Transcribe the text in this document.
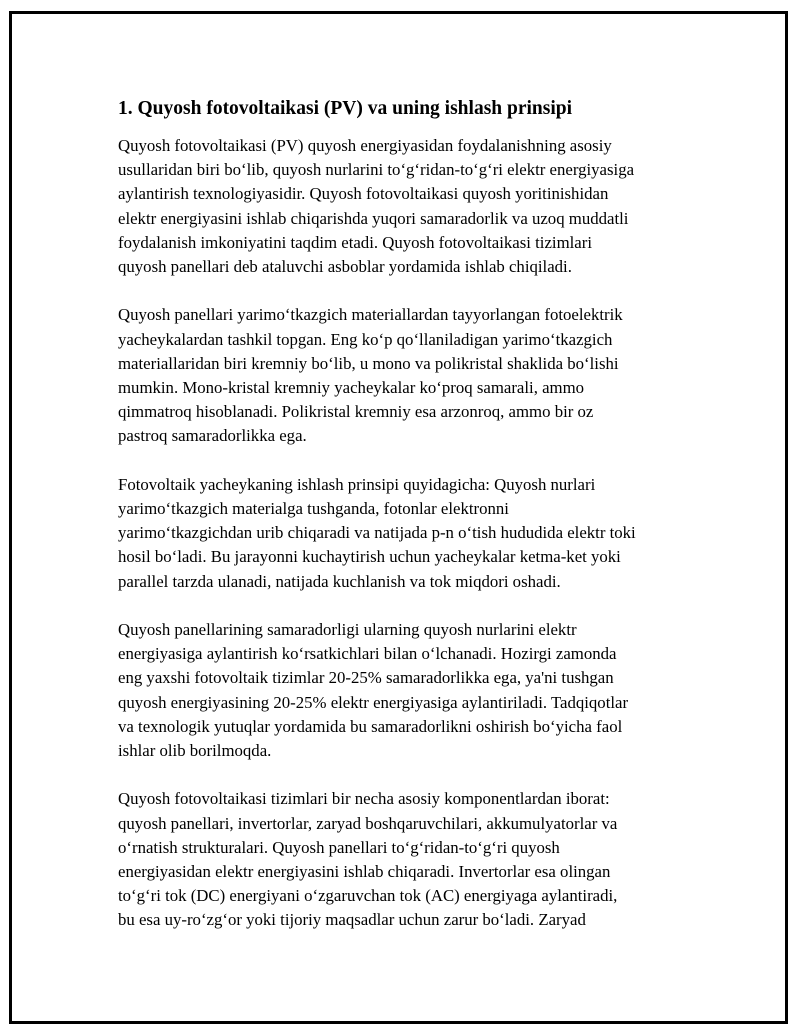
1. Quyosh fotovoltaikasi (PV) va uning ishlash prinsipi

Quyosh fotovoltaikasi (PV) quyosh energiyasidan foydalanishning asosiy
usullaridan biri bo‘lib, quyosh nurlarini to‘g‘ridan-to‘g‘ri elektr energiyasiga
aylantirish texnologiyasidir. Quyosh fotovoltaikasi quyosh yoritinishidan
elektr energiyasini ishlab chiqarishda yuqori samaradorlik va uzoq muddatli
foydalanish imkoniyatini taqdim etadi. Quyosh fotovoltaikasi tizimlari
quyosh panellari deb ataluvchi asboblar yordamida ishlab chiqiladi.

Quyosh panellari yarimo‘tkazgich materiallardan tayyorlangan fotoelektrik
yacheykalardan tashkil topgan. Eng ko‘p qo‘llaniladigan yarimo‘tkazgich
materiallaridan biri kremniy bo‘lib, u mono va polikristal shaklida bo‘lishi
mumkin. Mono-kristal kremniy yacheykalar ko‘proq samarali, ammo
qimmatroq hisoblanadi. Polikristal kremniy esa arzonroq, ammo bir oz
pastroq samaradorlikka ega.

Fotovoltaik yacheykaning ishlash prinsipi quyidagicha: Quyosh nurlari
yarimo‘tkazgich materialga tushganda, fotonlar elektronni
yarimo‘tkazgichdan urib chiqaradi va natijada p-n o‘tish hududida elektr toki
hosil bo‘ladi. Bu jarayonni kuchaytirish uchun yacheykalar ketma-ket yoki
parallel tarzda ulanadi, natijada kuchlanish va tok miqdori oshadi.

Quyosh panellarining samaradorligi ularning quyosh nurlarini elektr
energiyasiga aylantirish ko‘rsatkichlari bilan o‘lchanadi. Hozirgi zamonda
eng yaxshi fotovoltaik tizimlar 20-25% samaradorlikka ega, ya'ni tushgan
quyosh energiyasining 20-25% elektr energiyasiga aylantiriladi. Tadqiqotlar
va texnologik yutuqlar yordamida bu samaradorlikni oshirish bo‘yicha faol
ishlar olib borilmoqda.

Quyosh fotovoltaikasi tizimlari bir necha asosiy komponentlardan iborat:
quyosh panellari, invertorlar, zaryad boshqaruvchilari, akkumulyatorlar va
o‘rnatish strukturalari. Quyosh panellari to‘g‘ridan-to‘g‘ri quyosh
energiyasidan elektr energiyasini ishlab chiqaradi. Invertorlar esa olingan
to‘g‘ri tok (DC) energiyani o‘zgaruvchan tok (AC) energiyaga aylantiradi,
bu esa uy-ro‘zg‘or yoki tijoriy maqsadlar uchun zarur bo‘ladi. Zaryad
